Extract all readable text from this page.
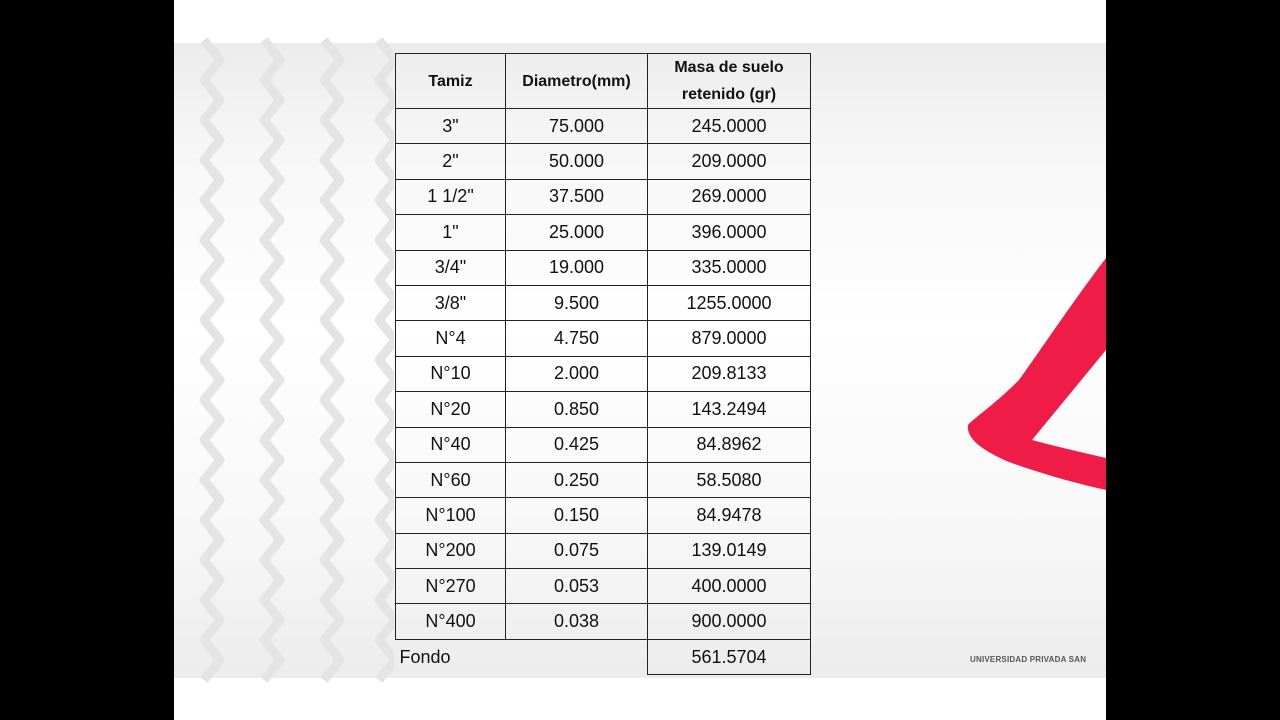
UNIVERSIDAD PRIVADA SAN
Tamiz	Diametro(mm)	Masa de suelo retenido (gr)
3"	75.000	245.0000
2"	50.000	209.0000
1 1/2"	37.500	269.0000
1"	25.000	396.0000
3/4"	19.000	335.0000
3/8"	9.500	1255.0000
N°4	4.750	879.0000
N°10	2.000	209.8133
N°20	0.850	143.2494
N°40	0.425	84.8962
N°60	0.250	58.5080
N°100	0.150	84.9478
N°200	0.075	139.0149
N°270	0.053	400.0000
N°400	0.038	900.0000
Fondo		561.5704
